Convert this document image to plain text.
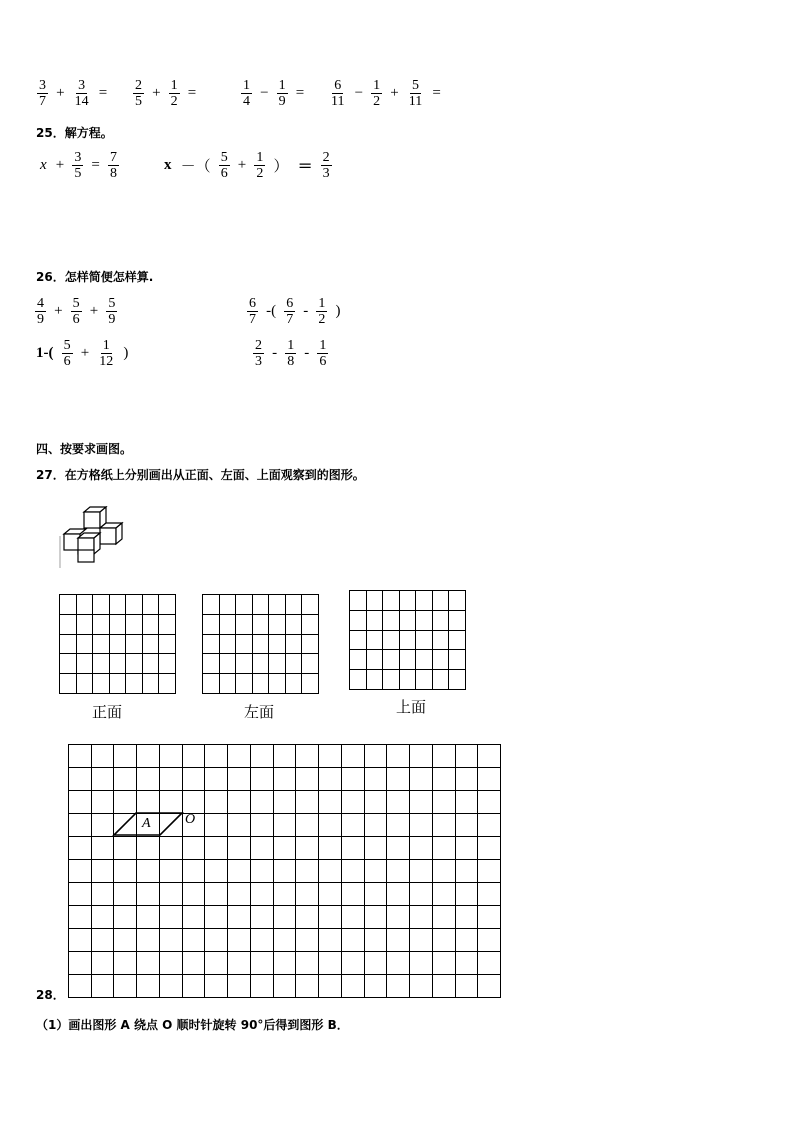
$\frac{3}{7} + \frac{3}{14} = \frac{2}{5} + \frac{1}{2}$ =	$\frac{1}{4} - \frac{1}{9} = \frac{6}{11} - \frac{1}{2} + \frac{5}{11}$ =
25．解方程。
$x + \frac{3}{5} = \frac{7}{8}$	x －（ $\frac{5}{6} + \frac{1}{2}$ ） ＝ $\frac{2}{3}$
26．怎样简便怎样算.
$\frac{4}{9} + \frac{5}{6} + \frac{5}{9}$	$\frac{6}{7}$ -( $\frac{6}{7} - \frac{1}{2}$ )
$1-( \frac{5}{6} + \frac{1}{12}$ )	$\frac{2}{3} - \frac{1}{8} - \frac{1}{6}$
四、按要求画图。
27．在方格纸上分别画出从正面、左面、上面观察到的图形。
正面	左面	上面
A O
28．
（1）画出图形 A 绕点 O 顺时针旋转 90°后得到图形 B．
